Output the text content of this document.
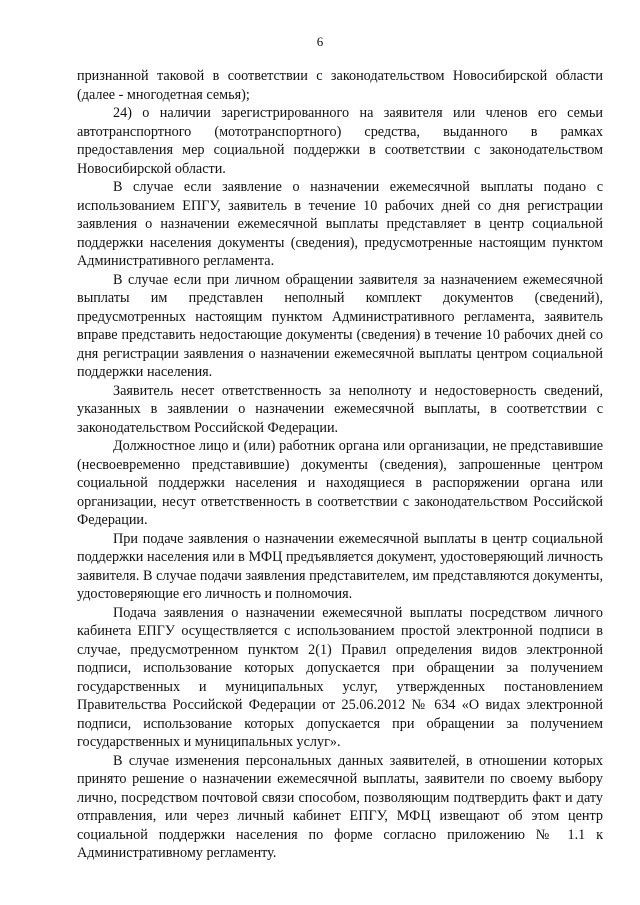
6

признанной таковой в соответствии с законодательством Новосибирской области (далее - многодетная семья);

24) о наличии зарегистрированного на заявителя или членов его семьи автотранспортного (мототранспортного) средства, выданного в рамках предоставления мер социальной поддержки в соответствии с законодательством Новосибирской области.

В случае если заявление о назначении ежемесячной выплаты подано с использованием ЕПГУ, заявитель в течение 10 рабочих дней со дня регистрации заявления о назначении ежемесячной выплаты представляет в центр социальной поддержки населения документы (сведения), предусмотренные настоящим пунктом Административного регламента.

В случае если при личном обращении заявителя за назначением ежемесячной выплаты им представлен неполный комплект документов (сведений), предусмотренных настоящим пунктом Административного регламента, заявитель вправе представить недостающие документы (сведения) в течение 10 рабочих дней со дня регистрации заявления о назначении ежемесячной выплаты центром социальной поддержки населения.

Заявитель несет ответственность за неполноту и недостоверность сведений, указанных в заявлении о назначении ежемесячной выплаты, в соответствии с законодательством Российской Федерации.

Должностное лицо и (или) работник органа или организации, не представившие (несвоевременно представившие) документы (сведения), запрошенные центром социальной поддержки населения и находящиеся в распоряжении органа или организации, несут ответственность в соответствии с законодательством Российской Федерации.

При подаче заявления о назначении ежемесячной выплаты в центр социальной поддержки населения или в МФЦ предъявляется документ, удостоверяющий личность заявителя. В случае подачи заявления представителем, им представляются документы, удостоверяющие его личность и полномочия.

Подача заявления о назначении ежемесячной выплаты посредством личного кабинета ЕПГУ осуществляется с использованием простой электронной подписи в случае, предусмотренном пунктом 2(1) Правил определения видов электронной подписи, использование которых допускается при обращении за получением государственных и муниципальных услуг, утвержденных постановлением Правительства Российской Федерации от 25.06.2012 № 634 «О видах электронной подписи, использование которых допускается при обращении за получением государственных и муниципальных услуг».

В случае изменения персональных данных заявителей, в отношении которых принято решение о назначении ежемесячной выплаты, заявители по своему выбору лично, посредством почтовой связи способом, позволяющим подтвердить факт и дату отправления, или через личный кабинет ЕПГУ, МФЦ извещают об этом центр социальной поддержки населения по форме согласно приложению № 1.1 к Административному регламенту.
